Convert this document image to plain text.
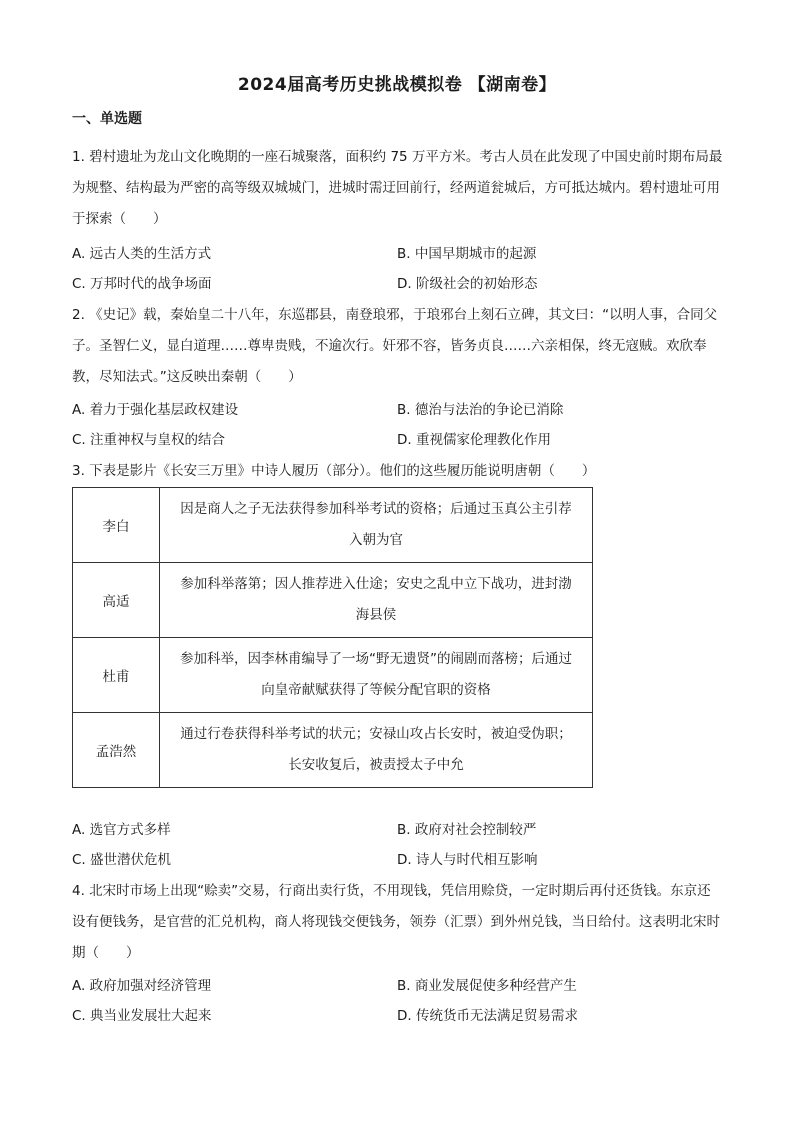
2024届高考历史挑战模拟卷 【湖南卷】
一、单选题

1. 碧村遗址为龙山文化晚期的一座石城聚落，面积约 75 万平方米。考古人员在此发现了中国史前时期布局最为规整、结构最为严密的高等级双城城门，进城时需迂回前行，经两道瓮城后，方可抵达城内。碧村遗址可用于探索（　　）

A. 远古人类的生活方式	B. 中国早期城市的起源
C. 万邦时代的战争场面	D. 阶级社会的初始形态

2. 《史记》载，秦始皇二十八年，东巡郡县，南登琅邪，于琅邪台上刻石立碑，其文曰：“以明人事，合同父子。圣智仁义，显白道理……尊卑贵贱，不逾次行。奸邪不容，皆务贞良……六亲相保，终无寇贼。欢欣奉教，尽知法式。”这反映出秦朝（　　）

A. 着力于强化基层政权建设	B. 德治与法治的争论已消除
C. 注重神权与皇权的结合	D. 重视儒家伦理教化作用

3. 下表是影片《长安三万里》中诗人履历（部分）。他们的这些履历能说明唐朝（　　）

李白	因是商人之子无法获得参加科举考试的资格；后通过玉真公主引荐入朝为官
高适	参加科举落第；因人推荐进入仕途；安史之乱中立下战功，进封渤海县侯
杜甫	参加科举，因李林甫编导了一场“野无遗贤”的闹剧而落榜；后通过向皇帝献赋获得了等候分配官职的资格
孟浩然	通过行卷获得科举考试的状元；安禄山攻占长安时，被迫受伪职；长安收复后，被责授太子中允
A. 选官方式多样	B. 政府对社会控制较严
C. 盛世潜伏危机	D. 诗人与时代相互影响

4. 北宋时市场上出现“赊卖”交易，行商出卖行货，不用现钱，凭信用赊贷，一定时期后再付还货钱。东京还设有便钱务，是官营的汇兑机构，商人将现钱交便钱务，领券（汇票）到外州兑钱，当日给付。这表明北宋时期（　　）

A. 政府加强对经济管理	B. 商业发展促使多种经营产生
C. 典当业发展壮大起来	D. 传统货币无法满足贸易需求
